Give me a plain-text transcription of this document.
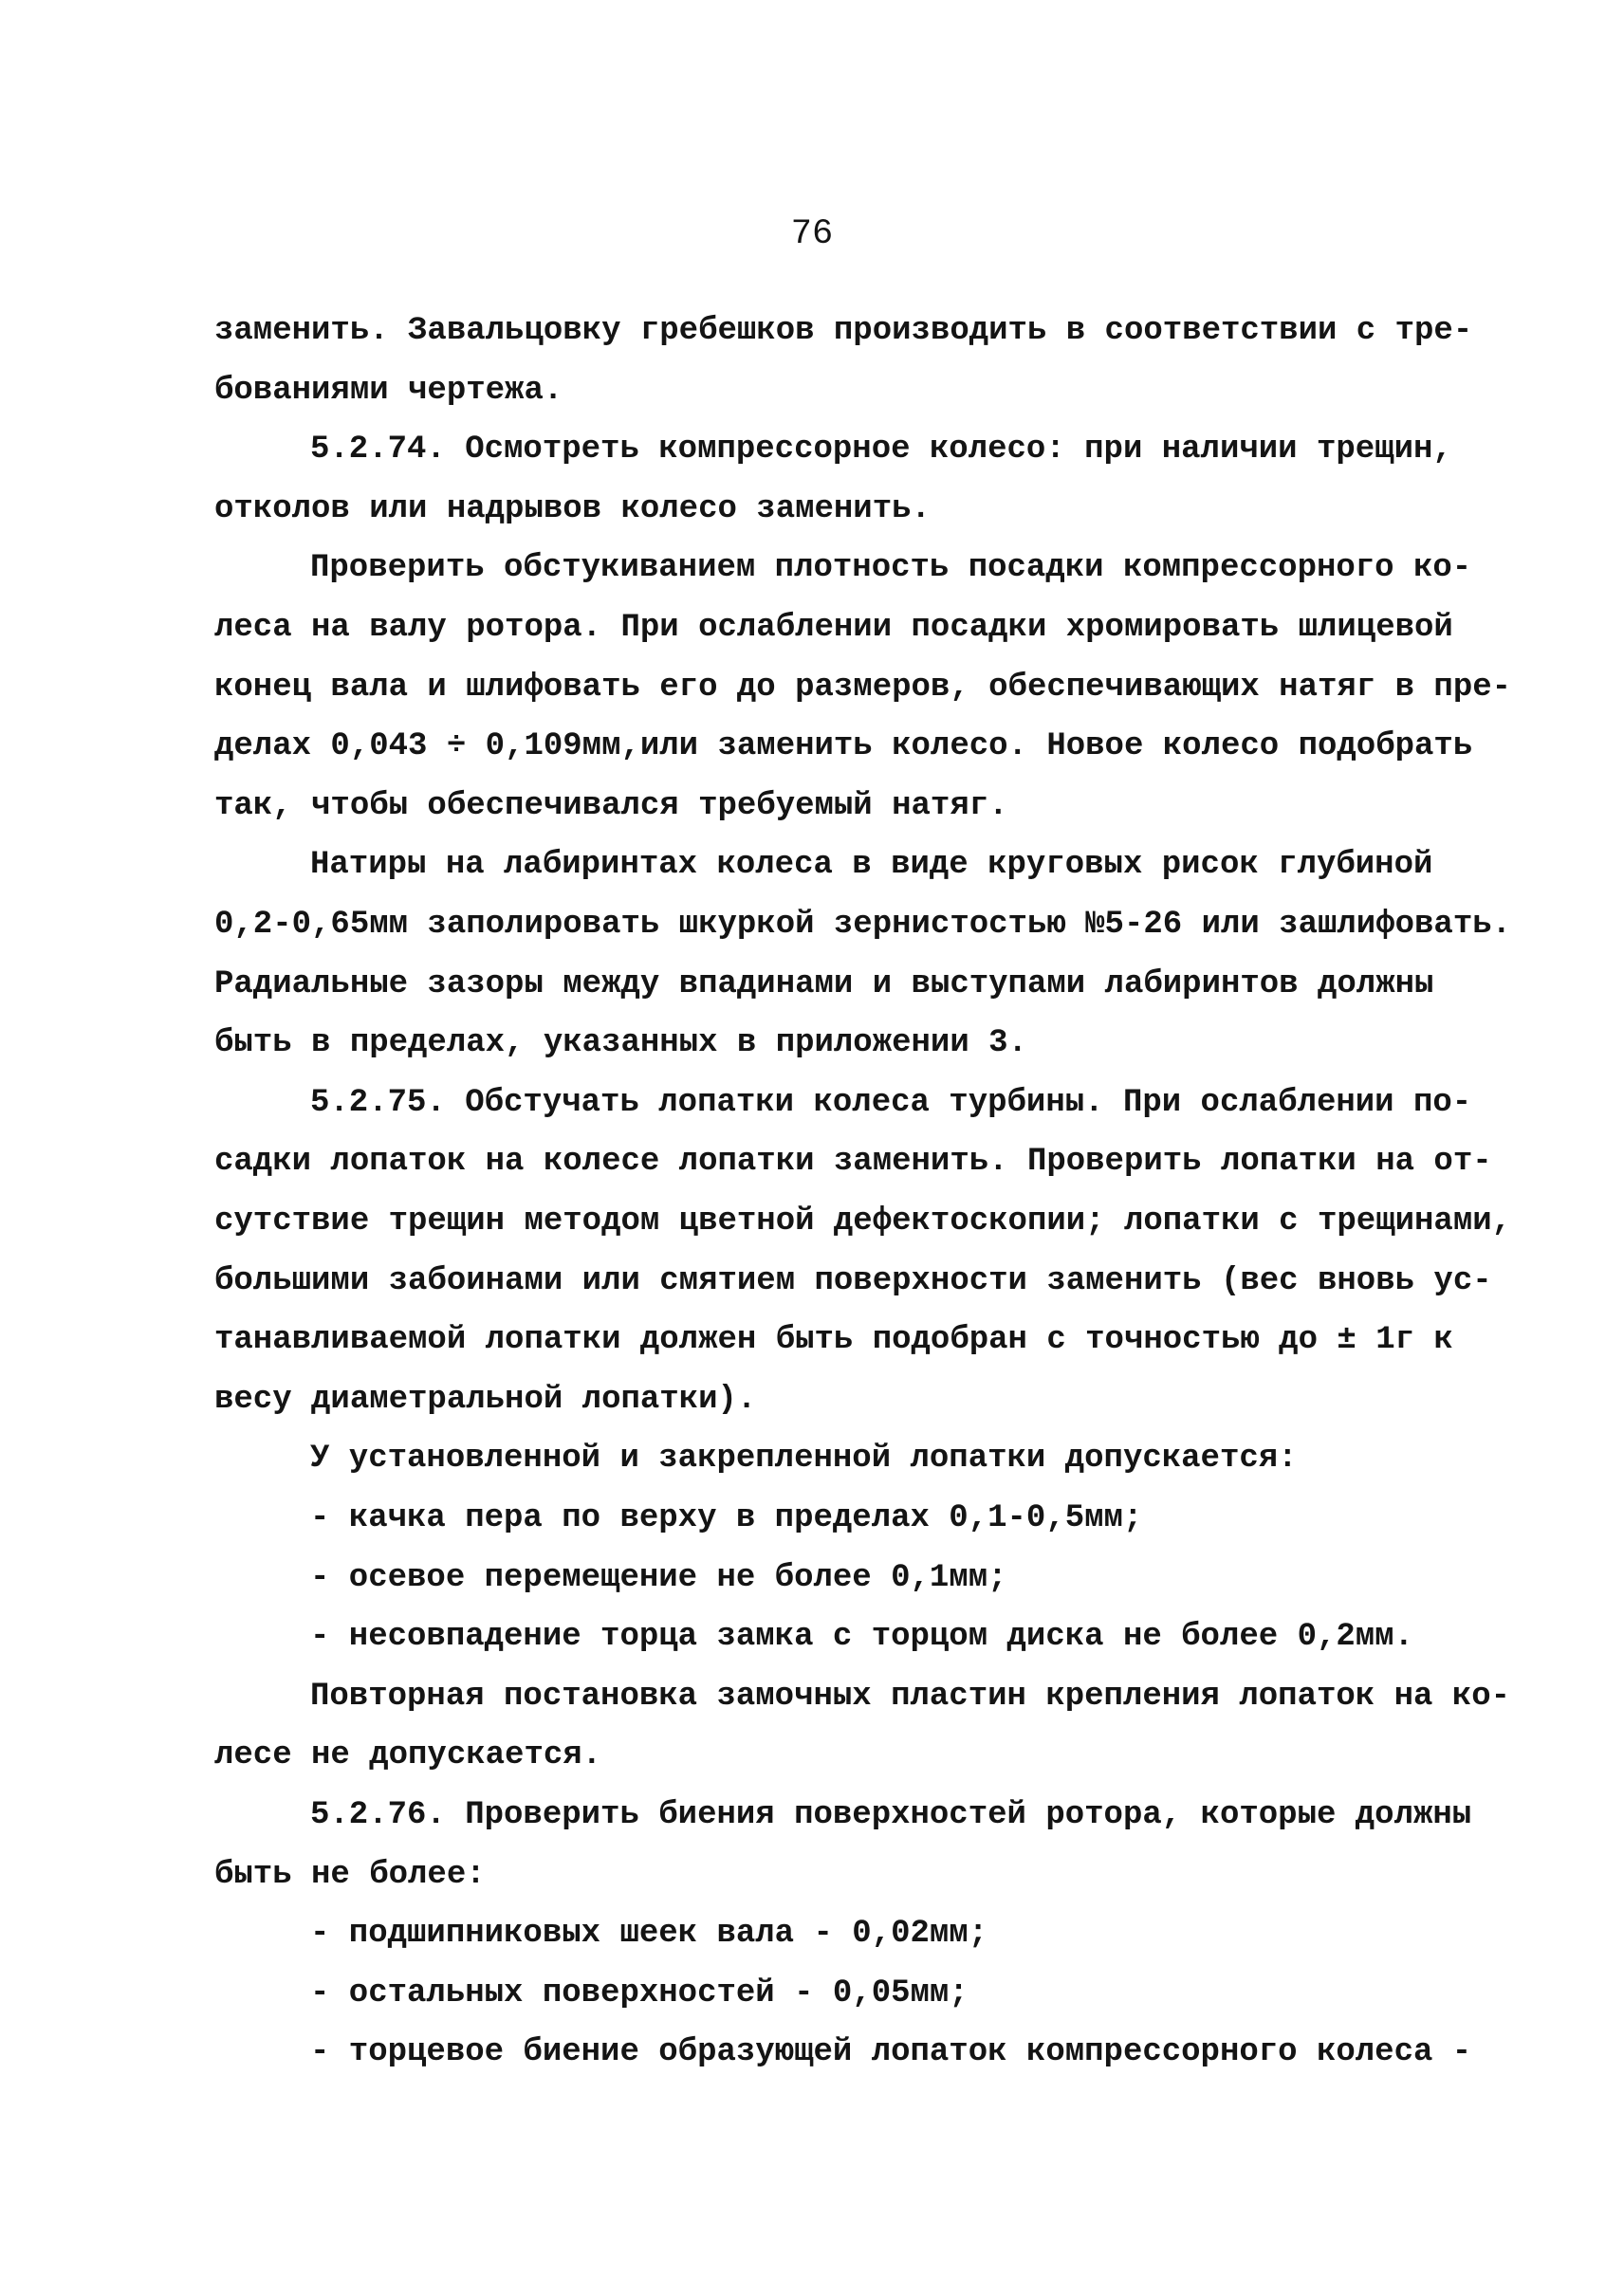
76
заменить. Завальцовку гребешков производить в соответствии с тре-
бованиями чертежа.
5.2.74. Осмотреть компрессорное колесо: при наличии трещин,
отколов или надрывов колесо заменить.
Проверить обстукиванием плотность посадки компрессорного ко-
леса на валу ротора. При ослаблении посадки хромировать шлицевой
конец вала и шлифовать его до размеров, обеспечивающих натяг в пре-
делах 0,043 ÷ 0,109мм,или заменить колесо. Новое колесо подобрать
так, чтобы обеспечивался требуемый натяг.
Натиры на лабиринтах колеса в виде круговых рисок глубиной
0,2-0,65мм заполировать шкуркой зернистостью №5-26 или зашлифовать.
Радиальные зазоры между впадинами и выступами лабиринтов должны
быть в пределах, указанных в приложении 3.
5.2.75. Обстучать лопатки колеса турбины. При ослаблении по-
садки лопаток на колесе лопатки заменить. Проверить лопатки на от-
сутствие трещин методом цветной дефектоскопии; лопатки с трещинами,
большими забоинами или смятием поверхности заменить (вес вновь ус-
танавливаемой лопатки должен быть подобран с точностью до ± 1г к
весу диаметральной лопатки).
У установленной и закрепленной лопатки допускается:
- качка пера по верху в пределах 0,1-0,5мм;
- осевое перемещение не более 0,1мм;
- несовпадение торца замка с торцом диска не более 0,2мм.
Повторная постановка замочных пластин крепления лопаток на ко-
лесе не допускается.
5.2.76. Проверить биения поверхностей ротора, которые должны
быть не более:
- подшипниковых шеек вала - 0,02мм;
- остальных поверхностей - 0,05мм;
- торцевое биение образующей лопаток компрессорного колеса -
